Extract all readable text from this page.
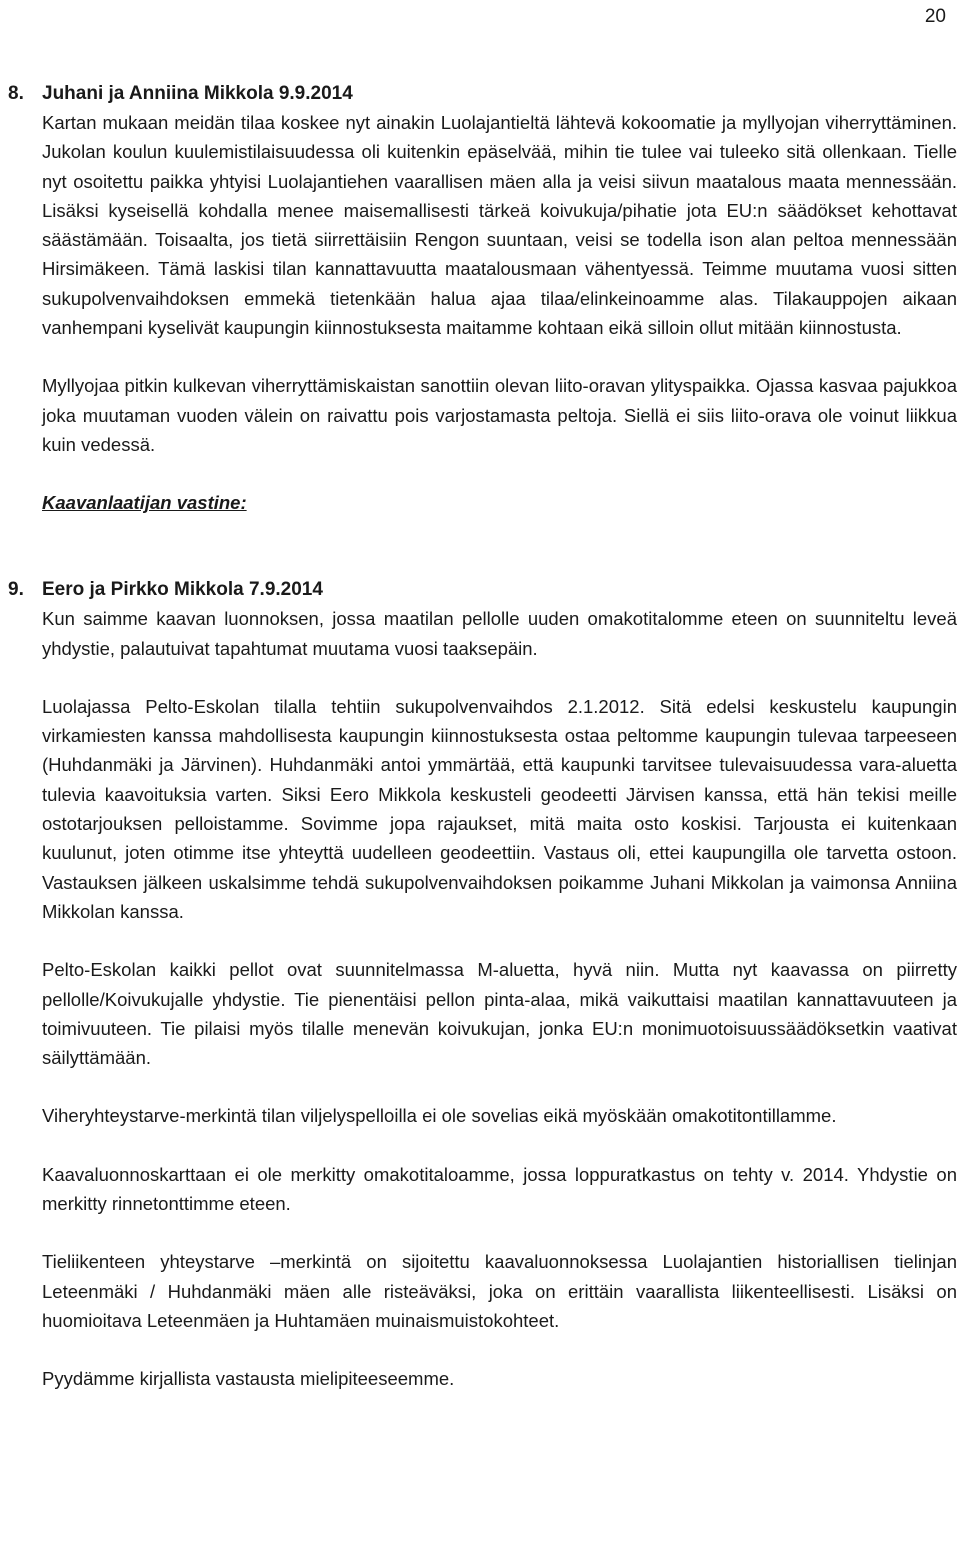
20
8. Juhani ja Anniina Mikkola 9.9.2014

Kartan mukaan meidän tilaa koskee nyt ainakin Luolajantieltä lähtevä kokoomatie ja myllyojan viherryttäminen. Jukolan koulun kuulemistilaisuudessa oli kuitenkin epäselvää, mihin tie tulee vai tuleeko sitä ollenkaan. Tielle nyt osoitettu paikka yhtyisi Luolajantiehen vaarallisen mäen alla ja veisi siivun maatalous maata mennessään. Lisäksi kyseisellä kohdalla menee maisemallisesti tärkeä koivukuja/pihatie jota EU:n säädökset kehottavat säästämään. Toisaalta, jos tietä siirrettäisiin Rengon suuntaan, veisi se todella ison alan peltoa mennessään Hirsimäkeen. Tämä laskisi tilan kannattavuutta maatalousmaan vähentyessä. Teimme muutama vuosi sitten sukupolvenvaihdoksen emmekä tietenkään halua ajaa tilaa/elinkeinoamme alas. Tilakauppojen aikaan vanhempani kyselivät kaupungin kiinnostuksesta maitamme kohtaan eikä silloin ollut mitään kiinnostusta.

Myllyojaa pitkin kulkevan viherryttämiskaistan sanottiin olevan liito-oravan ylityspaikka. Ojassa kasvaa pajukkoa joka muutaman vuoden välein on raivattu pois varjostamasta peltoja. Siellä ei siis liito-orava ole voinut liikkua kuin vedessä.

Kaavanlaatijan vastine:
9. Eero ja Pirkko Mikkola 7.9.2014

Kun saimme kaavan luonnoksen, jossa maatilan pellolle uuden omakotitalomme eteen on suunniteltu leveä yhdystie, palautuivat tapahtumat muutama vuosi taaksepäin.

Luolajassa Pelto-Eskolan tilalla tehtiin sukupolvenvaihdos 2.1.2012. Sitä edelsi keskustelu kaupungin virkamiesten kanssa mahdollisesta kaupungin kiinnostuksesta ostaa peltomme kaupungin tulevaa tarpeeseen (Huhdanmäki ja Järvinen). Huhdanmäki antoi ymmärtää, että kaupunki tarvitsee tulevaisuudessa vara-aluetta tulevia kaavoituksia varten. Siksi Eero Mikkola keskusteli geodeetti Järvisen kanssa, että hän tekisi meille ostotarjouksen pelloistamme. Sovimme jopa rajaukset, mitä maita osto koskisi. Tarjousta ei kuitenkaan kuulunut, joten otimme itse yhteyttä uudelleen geodeettiin. Vastaus oli, ettei kaupungilla ole tarvetta ostoon. Vastauksen jälkeen uskalsimme tehdä sukupolvenvaihdoksen poikamme Juhani Mikkolan ja vaimonsa Anniina Mikkolan kanssa.

Pelto-Eskolan kaikki pellot ovat suunnitelmassa M-aluetta, hyvä niin. Mutta nyt kaavassa on piirretty pellolle/Koivukujalle yhdystie. Tie pienentäisi pellon pinta-alaa, mikä vaikuttaisi maatilan kannattavuuteen ja toimivuuteen. Tie pilaisi myös tilalle menevän koivukujan, jonka EU:n monimuotoisuussäädöksetkin vaativat säilyttämään.

Viheryhteystarve-merkintä tilan viljelyspelloilla ei ole sovelias eikä myöskään omakotitontillamme.

Kaavaluonnoskarttaan ei ole merkitty omakotitaloamme, jossa loppuratkastus on tehty v. 2014. Yhdystie on merkitty rinnetonttimme eteen.

Tieliikenteen yhteystarve –merkintä on sijoitettu kaavaluonnoksessa Luolajantien historiallisen tielinjan Leteenmäki / Huhdanmäki mäen alle risteäväksi, joka on erittäin vaarallista liikenteellisesti. Lisäksi on huomioitava Leteenmäen ja Huhtamäen muinaismuistokohteet.

Pyydämme kirjallista vastausta mielipiteeseemme.
